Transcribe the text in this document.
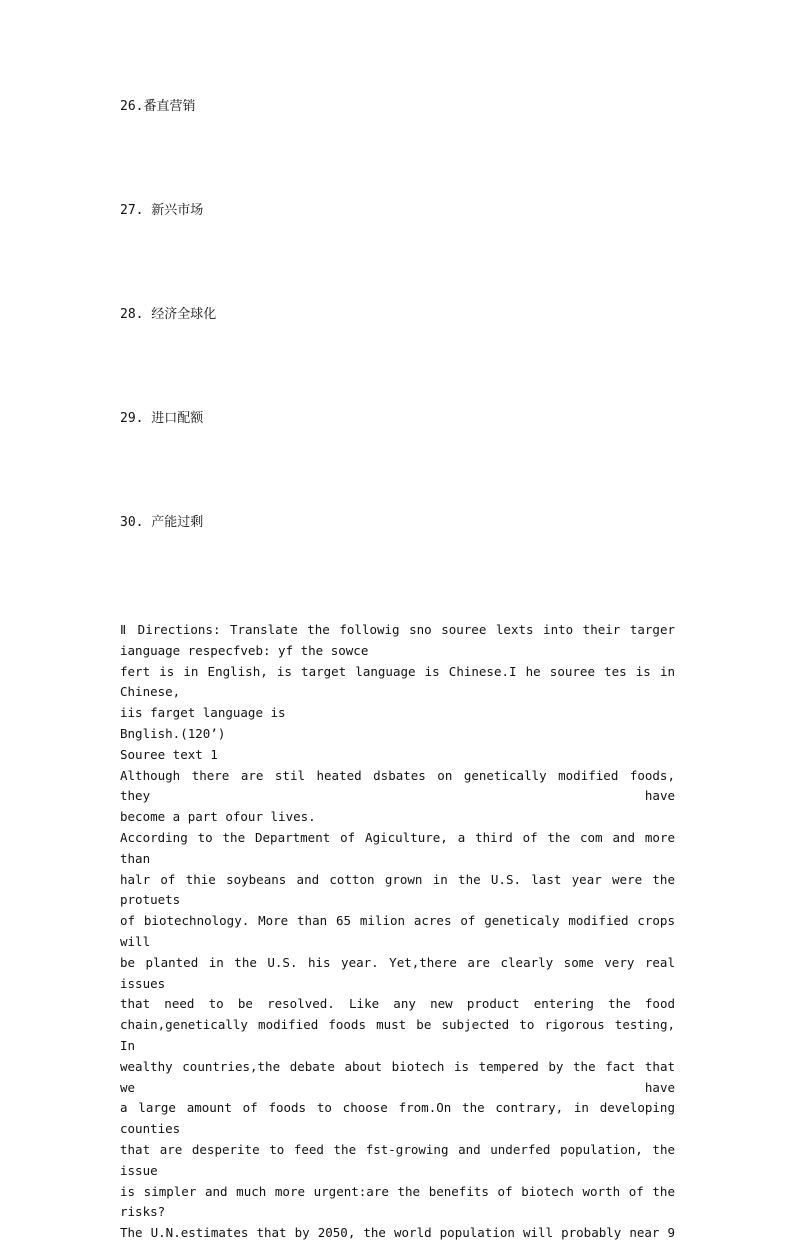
26.番直营销
27. 新兴市场
28. 经济全球化
29. 进口配额
30. 产能过剩
Ⅱ Directions: Translate the followig sno souree lexts into their targer
ianguage respecfveb: yf the sowce
fert is in English, is target language is Chinese.I he souree tes is in Chinese,
iis farget language is
Bnglish.(120’)
Souree text 1
Although there are stil heated dsbates on genetically modified foods, they have
become a part ofour lives.
According to the Department of Agiculture, a third of the com and more than
halr of thie soybeans and cotton grown in the U.S. last year were the protuets
of biotechnology. More than 65 milion acres of geneticaly modified crops will
be planted in the U.S. his year. Yet,there are clearly some very real issues
that need to be resolved. Like any new product entering the food
chain,genetically modified foods must be subjected to rigorous testing, In
wealthy countries,the debate about biotech is tempered by the fact that we have
a large amount of foods to choose from.On the contrary, in developing counties
that are desperite to feed the fst-growing and underfed population, the issue
is simpler and much more urgent:are the benefits of biotech worth of the risks?
The U.N.estimates that by 2050, the world population will probably near 9
